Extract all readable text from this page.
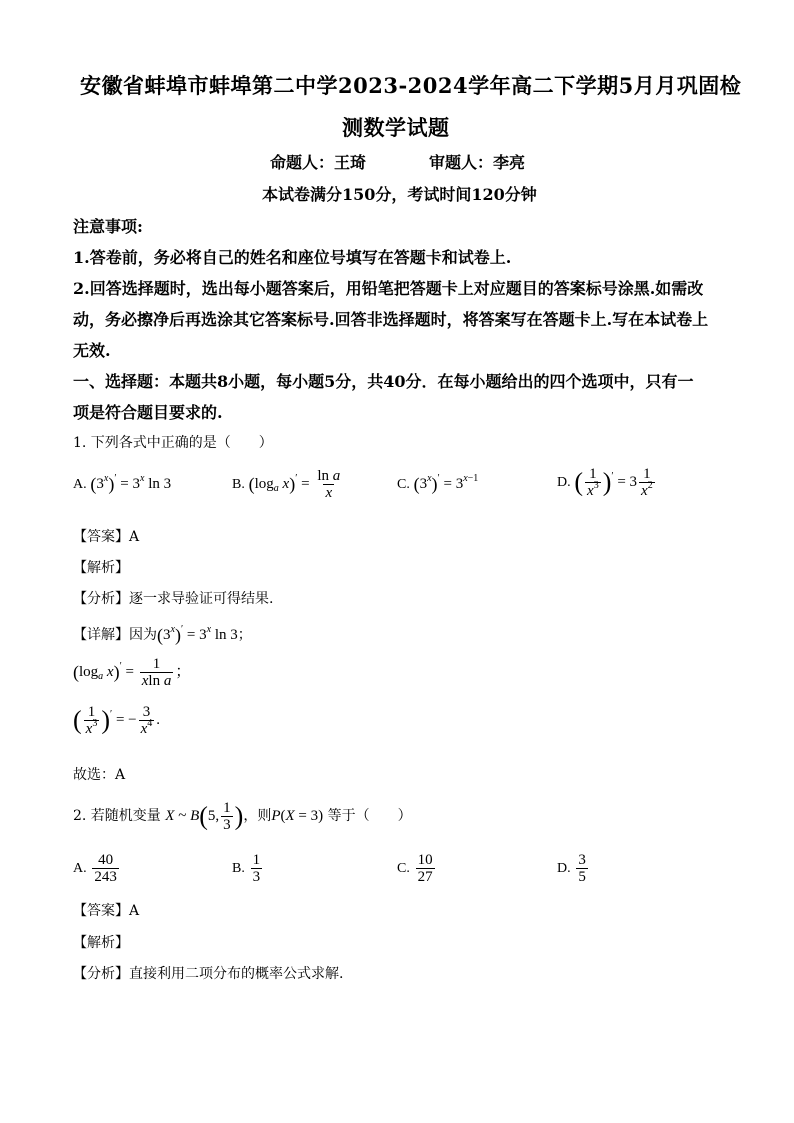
安徽省蚌埠市蚌埠第二中学2023-2024学年高二下学期5月月巩固检
测数学试题
命题人：王琦	审题人：李亮
本试卷满分150分，考试时间120分钟
注意事项:
1.答卷前，务必将自己的姓名和座位号填写在答题卡和试卷上.
2.回答选择题时，选出每小题答案后，用铅笔把答题卡上对应题目的答案标号涂黑.如需改
动，务必擦净后再选涂其它答案标号.回答非选择题时，将答案写在答题卡上.写在本试卷上
无效.
一、选择题：本题共8小题，每小题5分，共40分．在每小题给出的四个选项中，只有一
项是符合题目要求的.
1. 下列各式中正确的是（　　）
A. $(3^x)' = 3^x$ ln 3	B. ($\log_a$ $x)' = \frac{\text{ln a}}{x}$	C. $(3^x)' = 3^{x-1}$	D. ( $\frac{1}{x^3} )' = 3 \frac{1}{x^2}$
【答案】A
【解析】
【分析】逐一求导验证可得结果.
【详解】因为$(3^x)' = 3^x$ ln 3；
($\log_a$ $x)' = \frac{1}{\text{xln a}}$ ；
( $\frac{1}{x^3} )'$ = − $\frac{3}{x^4}$ .
故选：A
2. 若随机变量 X ~ B(5, $\frac{1}{3}$ )，则P(X = 3) 等于（　　）
A. $\frac{40}{243}$	B. $\frac{1}{3}$	C. $\frac{10}{27}$	D. $\frac{3}{5}$
【答案】A
【解析】
【分析】直接利用二项分布的概率公式求解.
